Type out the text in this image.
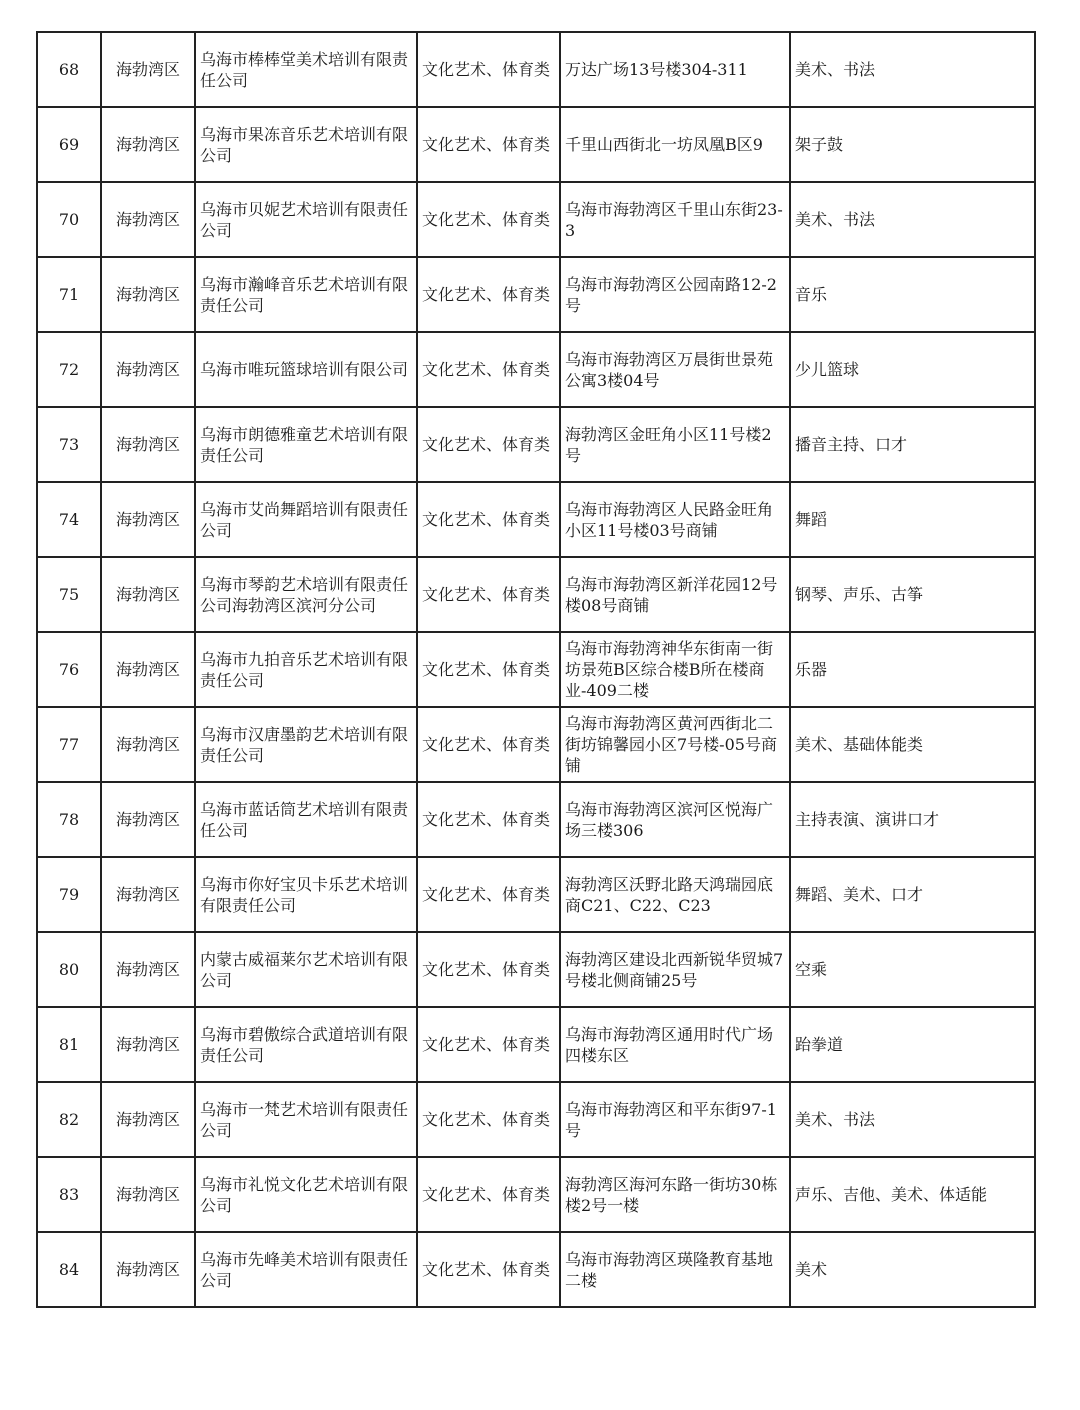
68	海勃湾区	乌海市棒棒堂美术培训有限责任公司	文化艺术、体育类	万达广场13号楼304-311	美术、书法
69	海勃湾区	乌海市果冻音乐艺术培训有限公司	文化艺术、体育类	千里山西街北一坊凤凰B区9	架子鼓
70	海勃湾区	乌海市贝妮艺术培训有限责任公司	文化艺术、体育类	乌海市海勃湾区千里山东街23-3	美术、书法
71	海勃湾区	乌海市瀚峰音乐艺术培训有限责任公司	文化艺术、体育类	乌海市海勃湾区公园南路12-2号	音乐
72	海勃湾区	乌海市唯玩篮球培训有限公司	文化艺术、体育类	乌海市海勃湾区万晨街世景苑公寓3楼04号	少儿篮球
73	海勃湾区	乌海市朗德雅童艺术培训有限责任公司	文化艺术、体育类	海勃湾区金旺角小区11号楼2号	播音主持、口才
74	海勃湾区	乌海市艾尚舞蹈培训有限责任公司	文化艺术、体育类	乌海市海勃湾区人民路金旺角小区11号楼03号商铺	舞蹈
75	海勃湾区	乌海市琴韵艺术培训有限责任公司海勃湾区滨河分公司	文化艺术、体育类	乌海市海勃湾区新洋花园12号楼08号商铺	钢琴、声乐、古筝
76	海勃湾区	乌海市九拍音乐艺术培训有限责任公司	文化艺术、体育类	乌海市海勃湾神华东街南一街坊景苑B区综合楼B所在楼商业-409二楼	乐器
77	海勃湾区	乌海市汉唐墨韵艺术培训有限责任公司	文化艺术、体育类	乌海市海勃湾区黄河西街北二街坊锦馨园小区7号楼-05号商铺	美术、基础体能类
78	海勃湾区	乌海市蓝话筒艺术培训有限责任公司	文化艺术、体育类	乌海市海勃湾区滨河区悦海广场三楼306	主持表演、演讲口才
79	海勃湾区	乌海市你好宝贝卡乐艺术培训有限责任公司	文化艺术、体育类	海勃湾区沃野北路天鸿瑞园底商C21、C22、C23	舞蹈、美术、口才
80	海勃湾区	内蒙古威福莱尔艺术培训有限公司	文化艺术、体育类	海勃湾区建设北西新锐华贸城7号楼北侧商铺25号	空乘
81	海勃湾区	乌海市碧傲综合武道培训有限责任公司	文化艺术、体育类	乌海市海勃湾区通用时代广场四楼东区	跆拳道
82	海勃湾区	乌海市一梵艺术培训有限责任公司	文化艺术、体育类	乌海市海勃湾区和平东街97-1号	美术、书法
83	海勃湾区	乌海市礼悦文化艺术培训有限公司	文化艺术、体育类	海勃湾区海河东路一街坊30栋楼2号一楼	声乐、吉他、美术、体适能
84	海勃湾区	乌海市先峰美术培训有限责任公司	文化艺术、体育类	乌海市海勃湾区瑛隆教育基地二楼	美术
